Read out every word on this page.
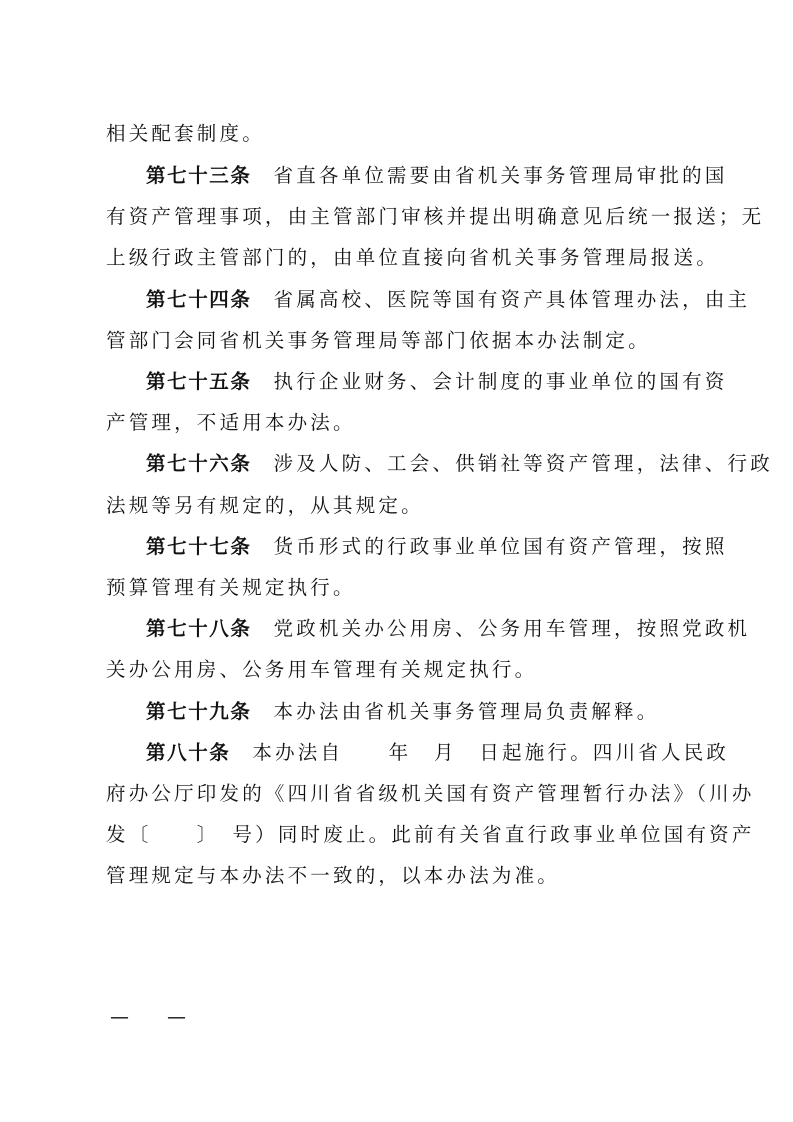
相关配套制度。
第七十三条 省直各单位需要由省机关事务管理局审批的国
有资产管理事项，由主管部门审核并提出明确意见后统一报送；无
上级行政主管部门的，由单位直接向省机关事务管理局报送。
第七十四条 省属高校、医院等国有资产具体管理办法，由主
管部门会同省机关事务管理局等部门依据本办法制定。
第七十五条 执行企业财务、会计制度的事业单位的国有资
产管理，不适用本办法。
第七十六条 涉及人防、工会、供销社等资产管理，法律、行政
法规等另有规定的，从其规定。
第七十七条 货币形式的行政事业单位国有资产管理，按照
预算管理有关规定执行。
第七十八条 党政机关办公用房、公务用车管理，按照党政机
关办公用房、公务用车管理有关规定执行。
第七十九条 本办法由省机关事务管理局负责解释。
第八十条 本办法自　　年　月　日起施行。四川省人民政
府办公厅印发的《四川省省级机关国有资产管理暂行办法》（川办
发〔　　〕　号）同时废止。此前有关省直行政事业单位国有资产
管理规定与本办法不一致的，以本办法为准。
—　　—
